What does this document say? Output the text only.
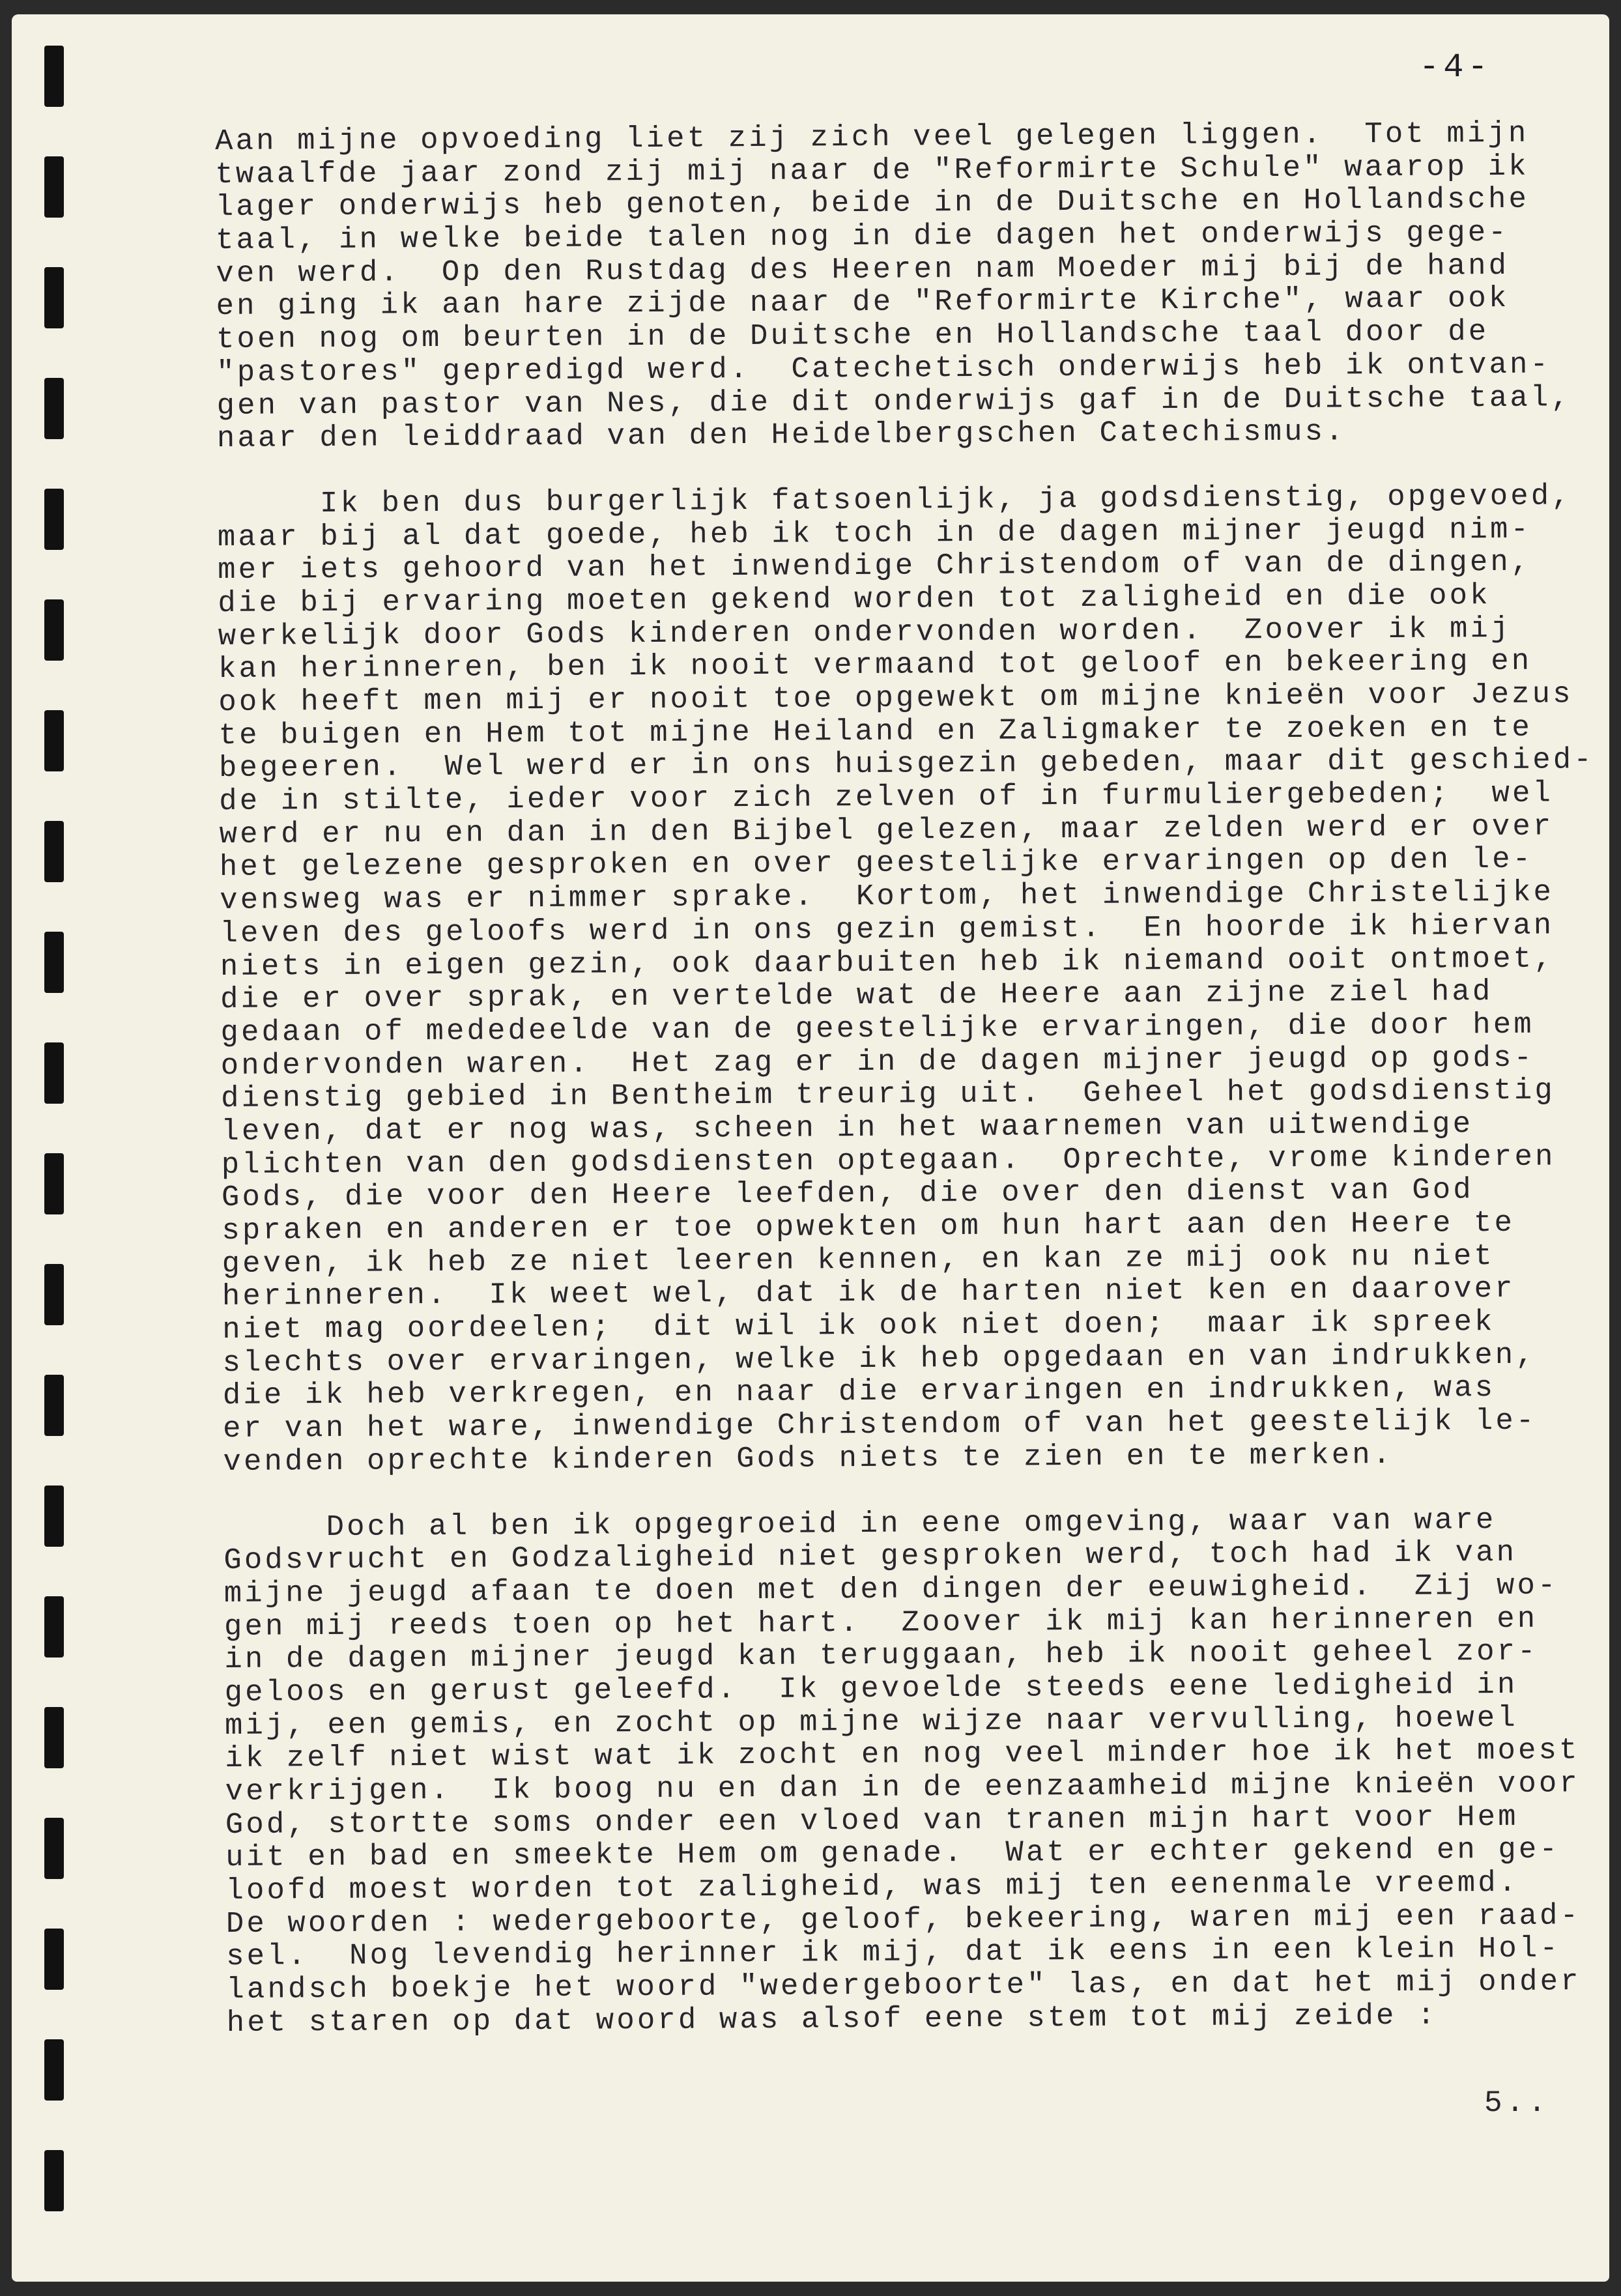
-4-
Aan mijne opvoeding liet zij zich veel gelegen liggen.  Tot mijn
twaalfde jaar zond zij mij naar de "Reformirte Schule" waarop ik
lager onderwijs heb genoten, beide in de Duitsche en Hollandsche
taal, in welke beide talen nog in die dagen het onderwijs gege-
ven werd.  Op den Rustdag des Heeren nam Moeder mij bij de hand
en ging ik aan hare zijde naar de "Reformirte Kirche", waar ook
toen nog om beurten in de Duitsche en Hollandsche taal door de
"pastores" gepredigd werd.  Catechetisch onderwijs heb ik ontvan-
gen van pastor van Nes, die dit onderwijs gaf in de Duitsche taal,
naar den leiddraad van den Heidelbergschen Catechismus.
Ik ben dus burgerlijk fatsoenlijk, ja godsdienstig, opgevoed,
maar bij al dat goede, heb ik toch in de dagen mijner jeugd nim-
mer iets gehoord van het inwendige Christendom of van de dingen,
die bij ervaring moeten gekend worden tot zaligheid en die ook
werkelijk door Gods kinderen ondervonden worden.  Zoover ik mij
kan herinneren, ben ik nooit vermaand tot geloof en bekeering en
ook heeft men mij er nooit toe opgewekt om mijne knieën voor Jezus
te buigen en Hem tot mijne Heiland en Zaligmaker te zoeken en te
begeeren.  Wel werd er in ons huisgezin gebeden, maar dit geschied-
de in stilte, ieder voor zich zelven of in furmuliergebeden;  wel
werd er nu en dan in den Bijbel gelezen, maar zelden werd er over
het gelezene gesproken en over geestelijke ervaringen op den le-
vensweg was er nimmer sprake.  Kortom, het inwendige Christelijke
leven des geloofs werd in ons gezin gemist.  En hoorde ik hiervan
niets in eigen gezin, ook daarbuiten heb ik niemand ooit ontmoet,
die er over sprak, en vertelde wat de Heere aan zijne ziel had
gedaan of mededeelde van de geestelijke ervaringen, die door hem
ondervonden waren.  Het zag er in de dagen mijner jeugd op gods-
dienstig gebied in Bentheim treurig uit.  Geheel het godsdienstig
leven, dat er nog was, scheen in het waarnemen van uitwendige
plichten van den godsdiensten optegaan.  Oprechte, vrome kinderen
Gods, die voor den Heere leefden, die over den dienst van God
spraken en anderen er toe opwekten om hun hart aan den Heere te
geven, ik heb ze niet leeren kennen, en kan ze mij ook nu niet
herinneren.  Ik weet wel, dat ik de harten niet ken en daarover
niet mag oordeelen;  dit wil ik ook niet doen;  maar ik spreek
slechts over ervaringen, welke ik heb opgedaan en van indrukken,
die ik heb verkregen, en naar die ervaringen en indrukken, was
er van het ware, inwendige Christendom of van het geestelijk le-
venden oprechte kinderen Gods niets te zien en te merken.
Doch al ben ik opgegroeid in eene omgeving, waar van ware
Godsvrucht en Godzaligheid niet gesproken werd, toch had ik van
mijne jeugd afaan te doen met den dingen der eeuwigheid.  Zij wo-
gen mij reeds toen op het hart.  Zoover ik mij kan herinneren en
in de dagen mijner jeugd kan teruggaan, heb ik nooit geheel zor-
geloos en gerust geleefd.  Ik gevoelde steeds eene ledigheid in
mij, een gemis, en zocht op mijne wijze naar vervulling, hoewel
ik zelf niet wist wat ik zocht en nog veel minder hoe ik het moest
verkrijgen.  Ik boog nu en dan in de eenzaamheid mijne knieën voor
God, stortte soms onder een vloed van tranen mijn hart voor Hem
uit en bad en smeekte Hem om genade.  Wat er echter gekend en ge-
loofd moest worden tot zaligheid, was mij ten eenenmale vreemd.
De woorden : wedergeboorte, geloof, bekeering, waren mij een raad-
sel.  Nog levendig herinner ik mij, dat ik eens in een klein Hol-
landsch boekje het woord "wedergeboorte" las, en dat het mij onder
het staren op dat woord was alsof eene stem tot mij zeide :
5..
